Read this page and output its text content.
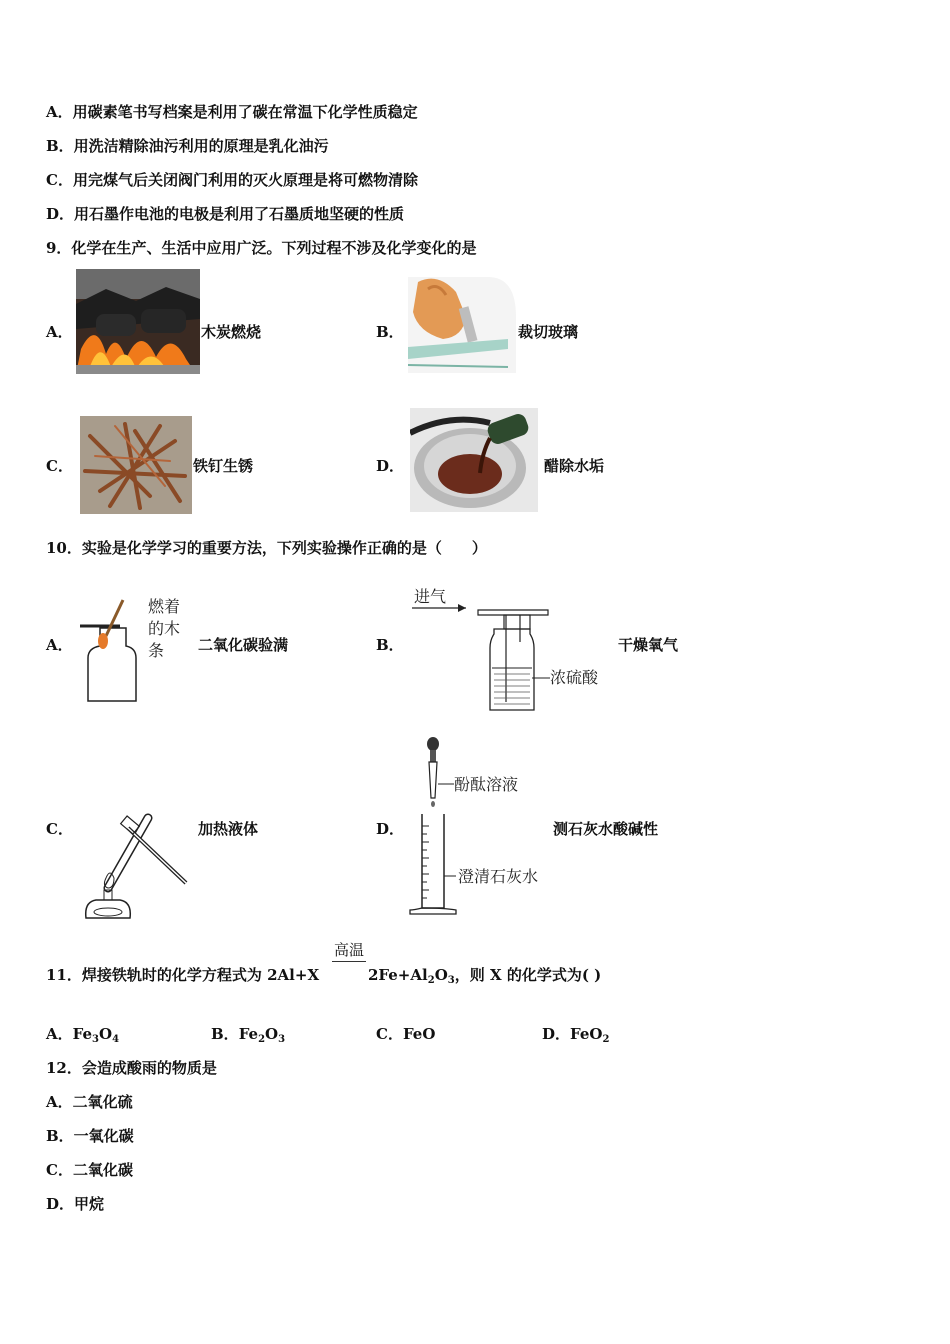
A．用碳素笔书写档案是利用了碳在常温下化学性质稳定
B．用洗洁精除油污利用的原理是乳化油污
C．用完煤气后关闭阀门利用的灭火原理是将可燃物清除
D．用石墨作电池的电极是利用了石墨质地坚硬的性质
9．化学在生产、生活中应用广泛。下列过程不涉及化学变化的是
A．	木炭燃烧	B．	裁切玻璃
C．	铁钉生锈	D．	醋除水垢
10．实验是化学学习的重要方法，下列实验操作正确的是（　　）
A．
燃着
的木
条 二氧化碳验满	B．
进气
浓硫酸
干燥氧气
C．	加热液体	D．
酚酞溶液
澄清石灰水
测石灰水酸碱性
11．焊接铁轨时的化学方程式为 2Al+X
高温
$2Fe+Al_2O_3$，则 X 的化学式为( )
A．$Fe_3O_4$	B．$Fe_2O_3$	C．FeO	D．FeO$_2$
12．会造成酸雨的物质是
A．二氧化硫
B．一氧化碳
C．二氧化碳
D．甲烷
